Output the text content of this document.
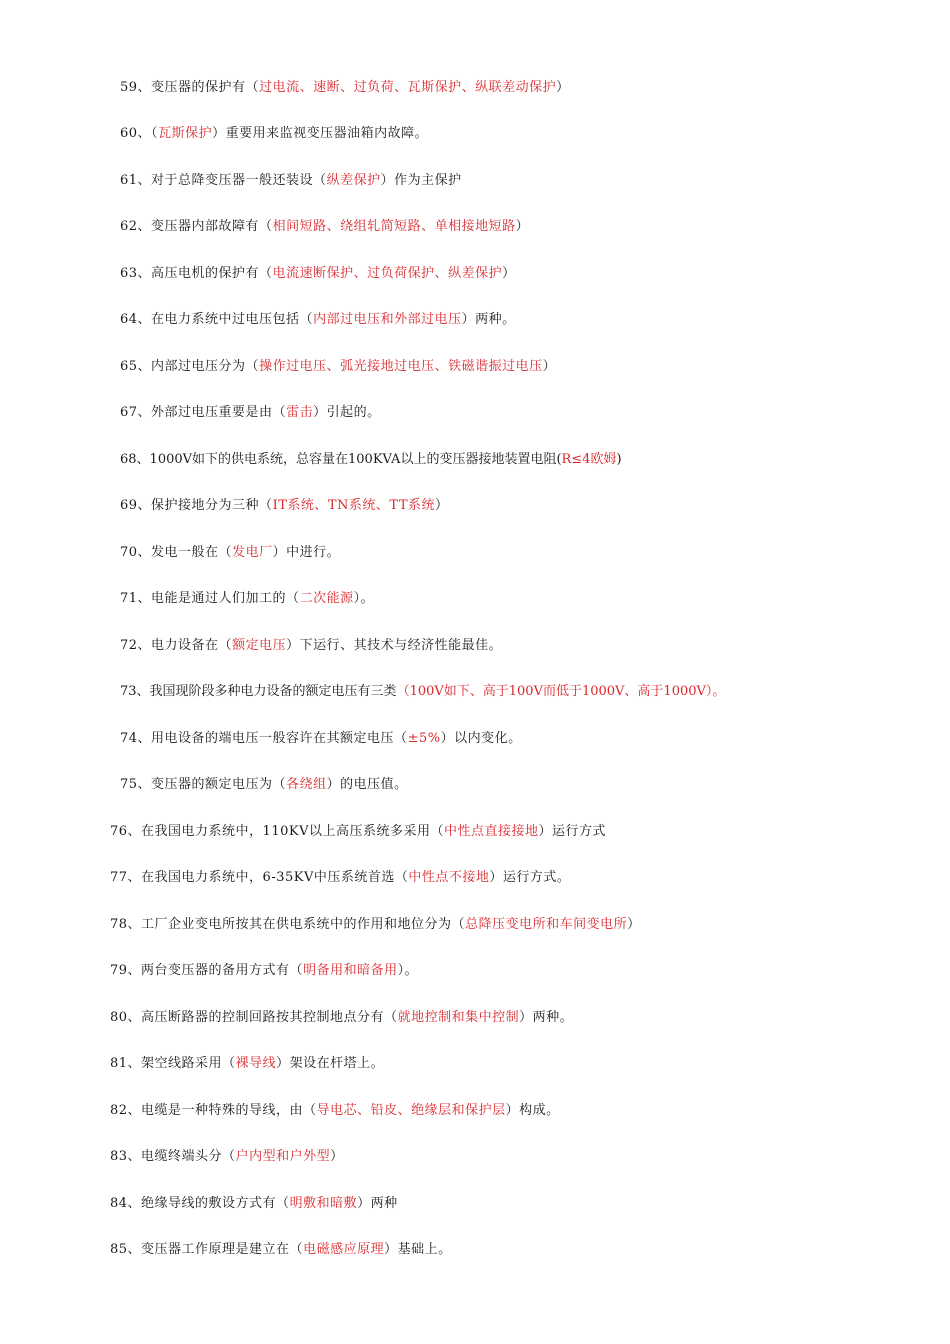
59、变压器的保护有（过电流、速断、过负荷、瓦斯保护、纵联差动保护）
60、（瓦斯保护）重要用来监视变压器油箱内故障。
61、对于总降变压器一般还装设（纵差保护）作为主保护
62、变压器内部故障有（相间短路、绕组轧简短路、单相接地短路）
63、高压电机的保护有（电流速断保护、过负荷保护、纵差保护）
64、在电力系统中过电压包括（内部过电压和外部过电压）两种。
65、内部过电压分为（操作过电压、弧光接地过电压、铁磁谐振过电压）
67、外部过电压重要是由（雷击）引起的。
68、1000V如下的供电系统，总容量在100KVA以上的变压器接地装置电阻(R≤4欧姆)
69、保护接地分为三种（IT系统、TN系统、TT系统）
70、发电一般在（发电厂）中进行。
71、电能是通过人们加工的（二次能源）。
72、电力设备在（额定电压）下运行、其技术与经济性能最佳。
73、我国现阶段多种电力设备的额定电压有三类（100V如下、高于100V而低于1000V、高于1000V）。
74、用电设备的端电压一般容许在其额定电压（±5%）以内变化。
75、变压器的额定电压为（各绕组）的电压值。
76、在我国电力系统中，110KV以上高压系统多采用（中性点直接接地）运行方式
77、在我国电力系统中，6-35KV中压系统首选（中性点不接地）运行方式。
78、工厂企业变电所按其在供电系统中的作用和地位分为（总降压变电所和车间变电所）
79、两台变压器的备用方式有（明备用和暗备用）。
80、高压断路器的控制回路按其控制地点分有（就地控制和集中控制）两种。
81、架空线路采用（裸导线）架设在杆塔上。
82、电缆是一种特殊的导线，由（导电芯、铅皮、绝缘层和保护层）构成。
83、电缆终端头分（户内型和户外型）
84、绝缘导线的敷设方式有（明敷和暗敷）两种
85、变压器工作原理是建立在（电磁感应原理）基础上。
